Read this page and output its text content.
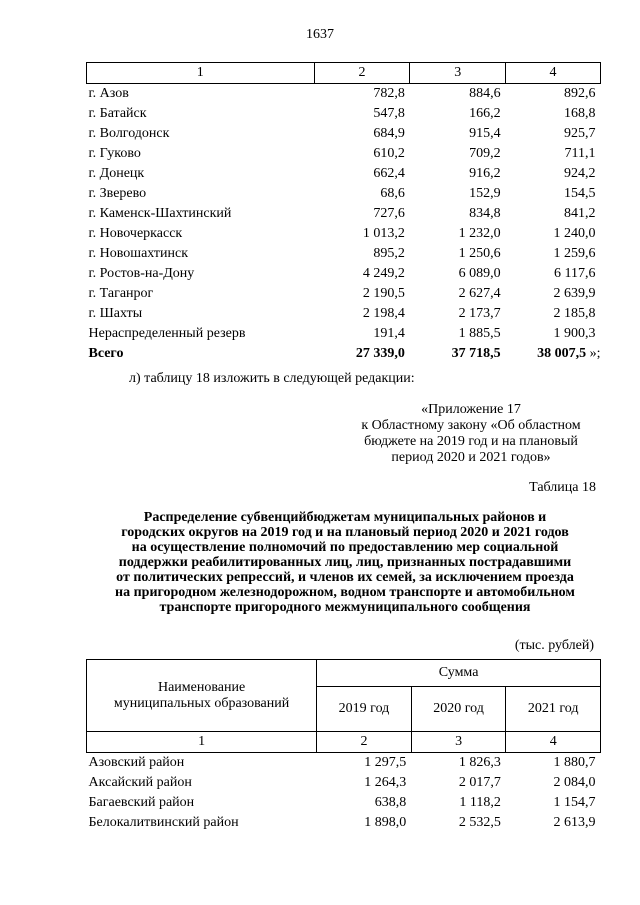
1637
1	2	3	4
г. Азов	782,8	884,6	892,6
г. Батайск	547,8	166,2	168,8
г. Волгодонск	684,9	915,4	925,7
г. Гуково	610,2	709,2	711,1
г. Донецк	662,4	916,2	924,2
г. Зверево	68,6	152,9	154,5
г. Каменск-Шахтинский	727,6	834,8	841,2
г. Новочеркасск	1 013,2	1 232,0	1 240,0
г. Новошахтинск	895,2	1 250,6	1 259,6
г. Ростов-на-Дону	4 249,2	6 089,0	6 117,6
г. Таганрог	2 190,5	2 627,4	2 639,9
г. Шахты	2 198,4	2 173,7	2 185,8
Нераспределенный резерв	191,4	1 885,5	1 900,3
Всего	27 339,0	37 718,5	38 007,5 »;
л) таблицу 18 изложить в следующей редакции:
«Приложение 17
к Областному закону «Об областном
бюджете на 2019 год и на плановый
период 2020 и 2021 годов»
Таблица 18
Распределение субвенцийбюджетам муниципальных районов и
городских округов на 2019 год и на плановый период 2020 и 2021 годов
на осуществление полномочий по предоставлению мер социальной
поддержки реабилитированных лиц, лиц, признанных пострадавшими
от политических репрессий, и членов их семей, за исключением проезда
на пригородном железнодорожном, водном транспорте и автомобильном
транспорте пригородного межмуниципального сообщения
(тыс. рублей)
Наименование
муниципальных образований	Сумма		
	2019 год	2020 год	2021 год
1	2	3	4
Азовский район	1 297,5	1 826,3	1 880,7
Аксайский район	1 264,3	2 017,7	2 084,0
Багаевский район	638,8	1 118,2	1 154,7
Белокалитвинский район	1 898,0	2 532,5	2 613,9
